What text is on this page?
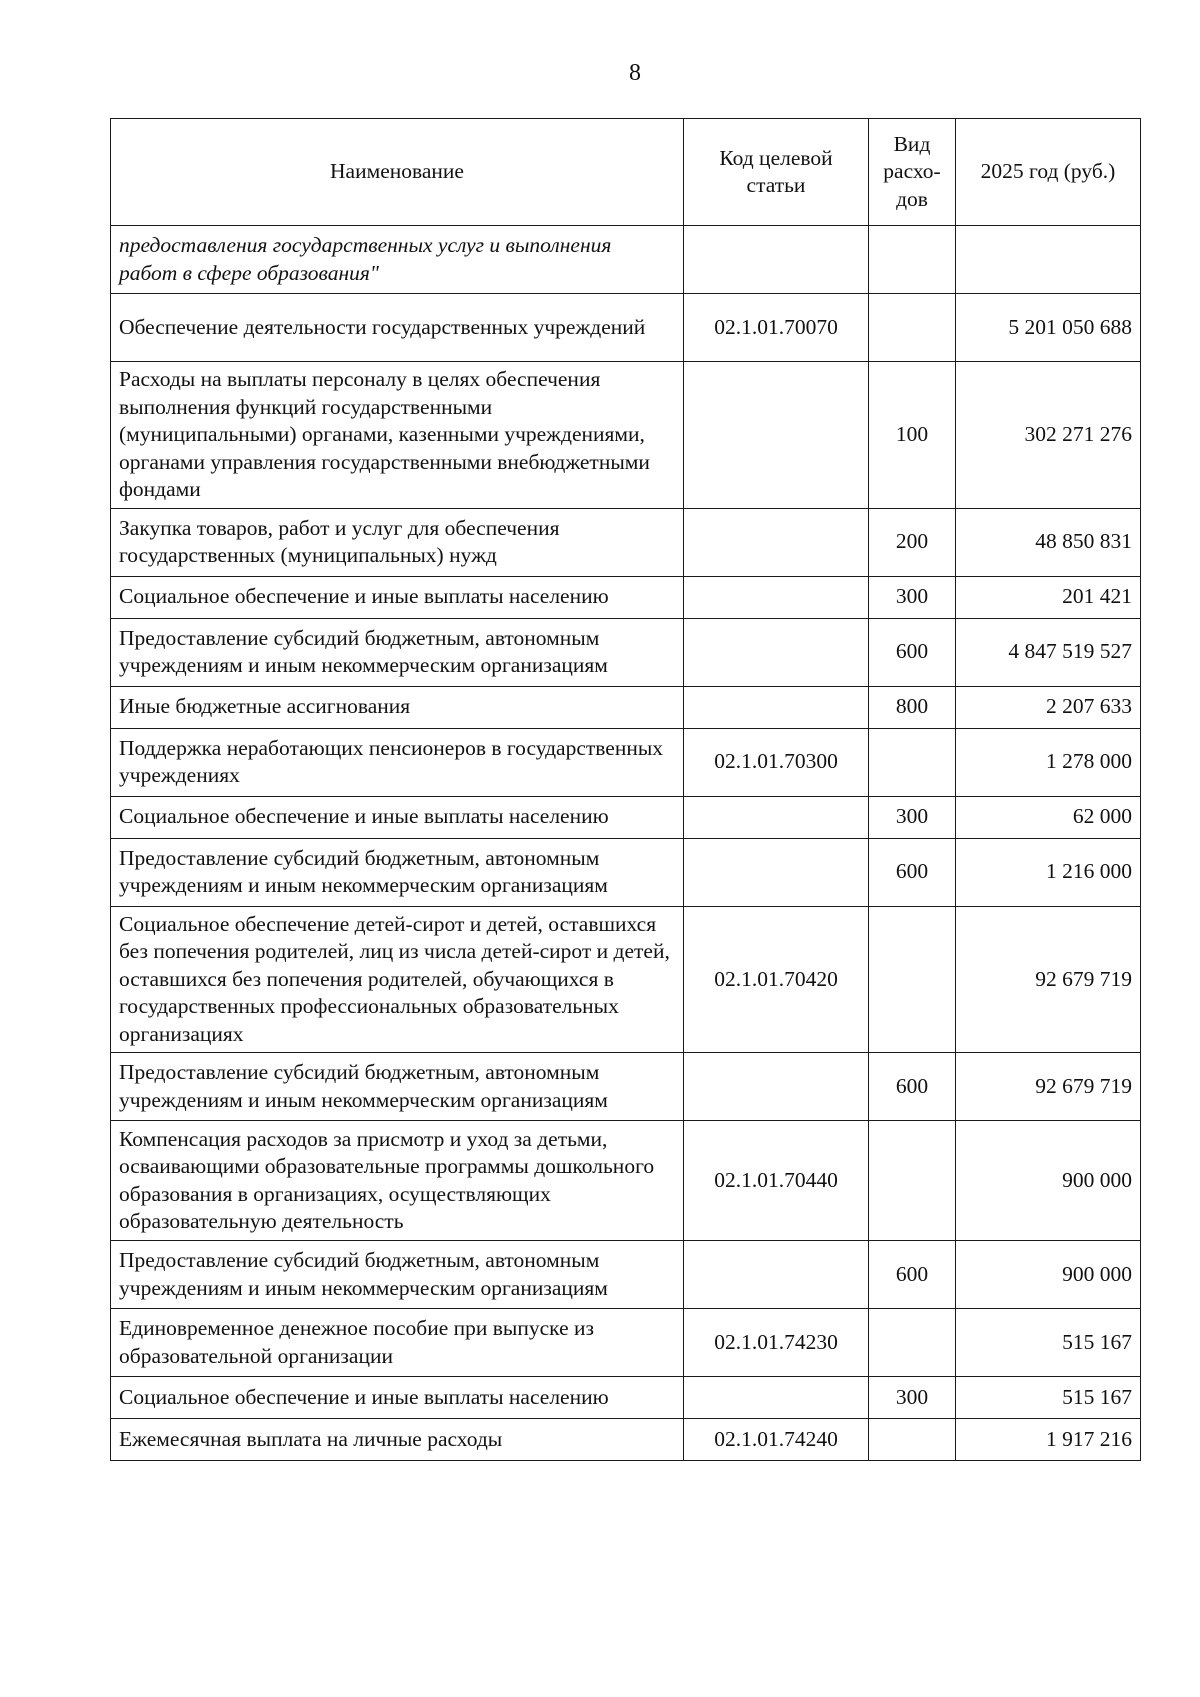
8
Наименование	Код целевой статьи	Вид расхо-дов	2025 год (руб.)
предоставления государственных услуг и выполнения работ в сфере образования"			
Обеспечение деятельности государственных учреждений	02.1.01.70070		5 201 050 688
Расходы на выплаты персоналу в целях обеспечения выполнения функций государственными (муниципальными) органами, казенными учреждениями, органами управления государственными внебюджетными фондами		100	302 271 276
Закупка товаров, работ и услуг для обеспечения государственных (муниципальных) нужд		200	48 850 831
Социальное обеспечение и иные выплаты населению		300	201 421
Предоставление субсидий бюджетным, автономным учреждениям и иным некоммерческим организациям		600	4 847 519 527
Иные бюджетные ассигнования		800	2 207 633
Поддержка неработающих пенсионеров в государственных учреждениях	02.1.01.70300		1 278 000
Социальное обеспечение и иные выплаты населению		300	62 000
Предоставление субсидий бюджетным, автономным учреждениям и иным некоммерческим организациям		600	1 216 000
Социальное обеспечение детей-сирот и детей, оставшихся без попечения родителей, лиц из числа детей-сирот и детей, оставшихся без попечения родителей, обучающихся в государственных профессиональных образовательных организациях	02.1.01.70420		92 679 719
Предоставление субсидий бюджетным, автономным учреждениям и иным некоммерческим организациям		600	92 679 719
Компенсация расходов за присмотр и уход за детьми, осваивающими образовательные программы дошкольного образования в организациях, осуществляющих образовательную деятельность	02.1.01.70440		900 000
Предоставление субсидий бюджетным, автономным учреждениям и иным некоммерческим организациям		600	900 000
Единовременное денежное пособие при выпуске из образовательной организации	02.1.01.74230		515 167
Социальное обеспечение и иные выплаты населению		300	515 167
Ежемесячная выплата на личные расходы	02.1.01.74240		1 917 216
